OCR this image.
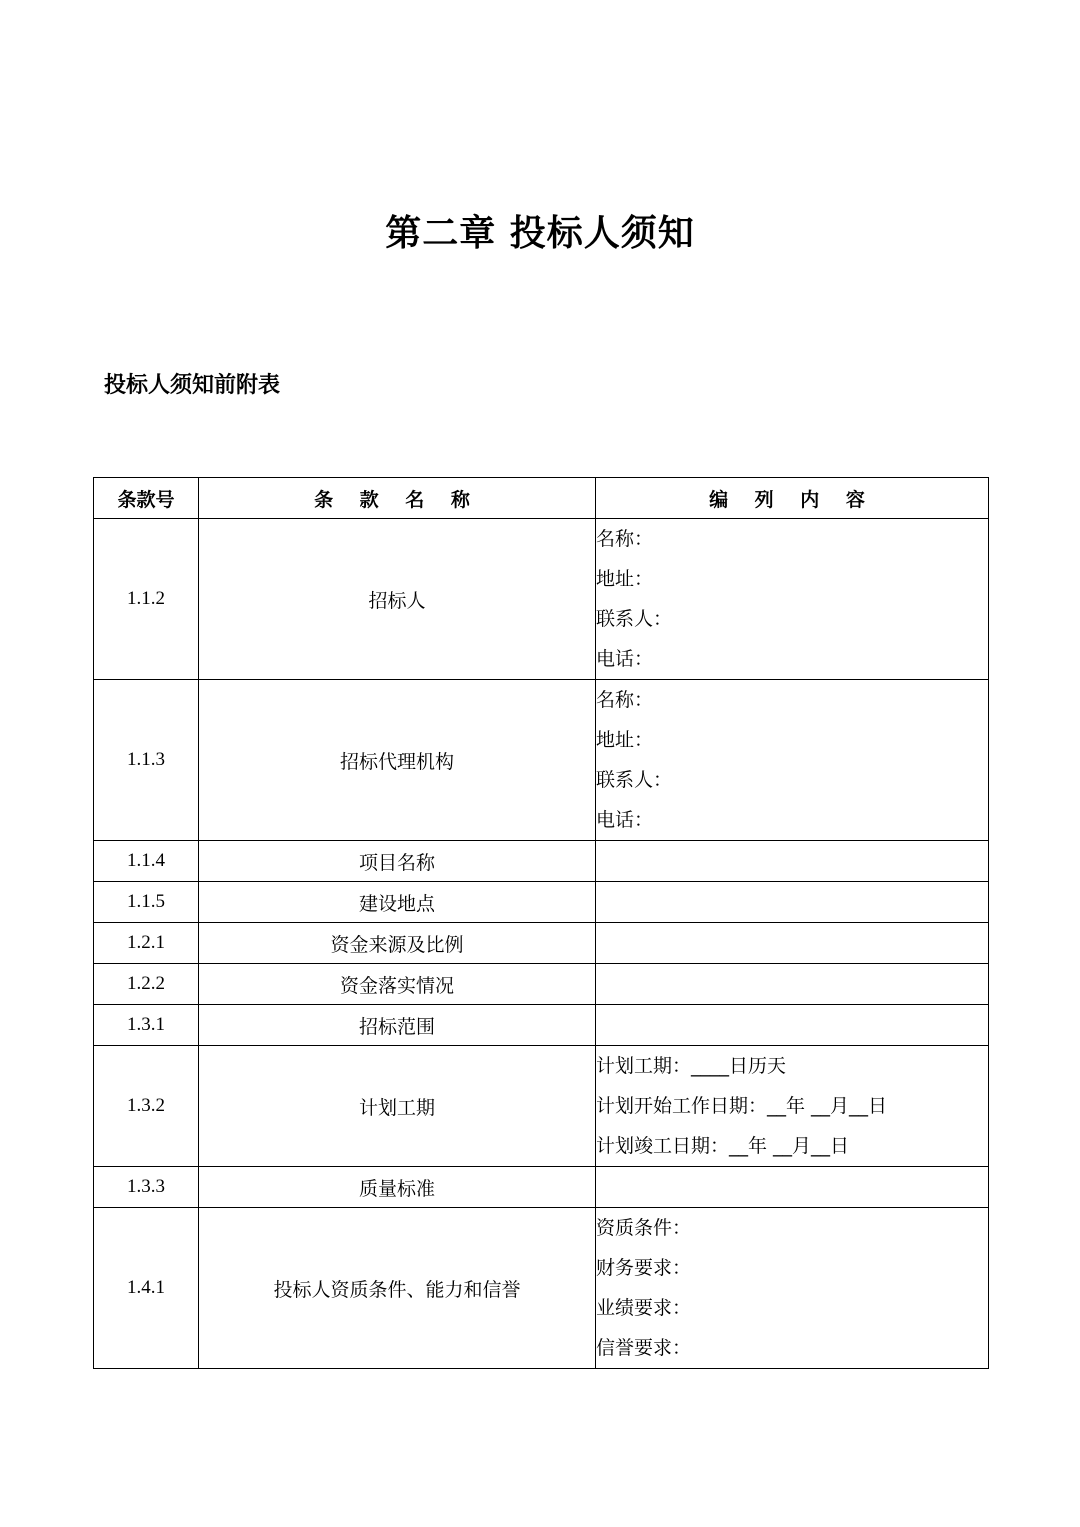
第二章 投标人须知
投标人须知前附表
条款号	条 款 名 称	编 列 内 容
1.1.2	招标人	名称：
地址：
联系人：
电话：

1.1.3	招标代理机构	名称：
地址：
联系人：
电话：

1.1.4	项目名称	
1.1.5	建设地点	
1.2.1	资金来源及比例	
1.2.2	资金落实情况	
1.3.1	招标范围	
1.3.2	计划工期	计划工期：____日历天
计划开始工作日期：__年 __月__日
计划竣工日期：__年 __月__日

1.3.3	质量标准	
1.4.1	投标人资质条件、能力和信誉	资质条件：
财务要求：
业绩要求：
信誉要求：
